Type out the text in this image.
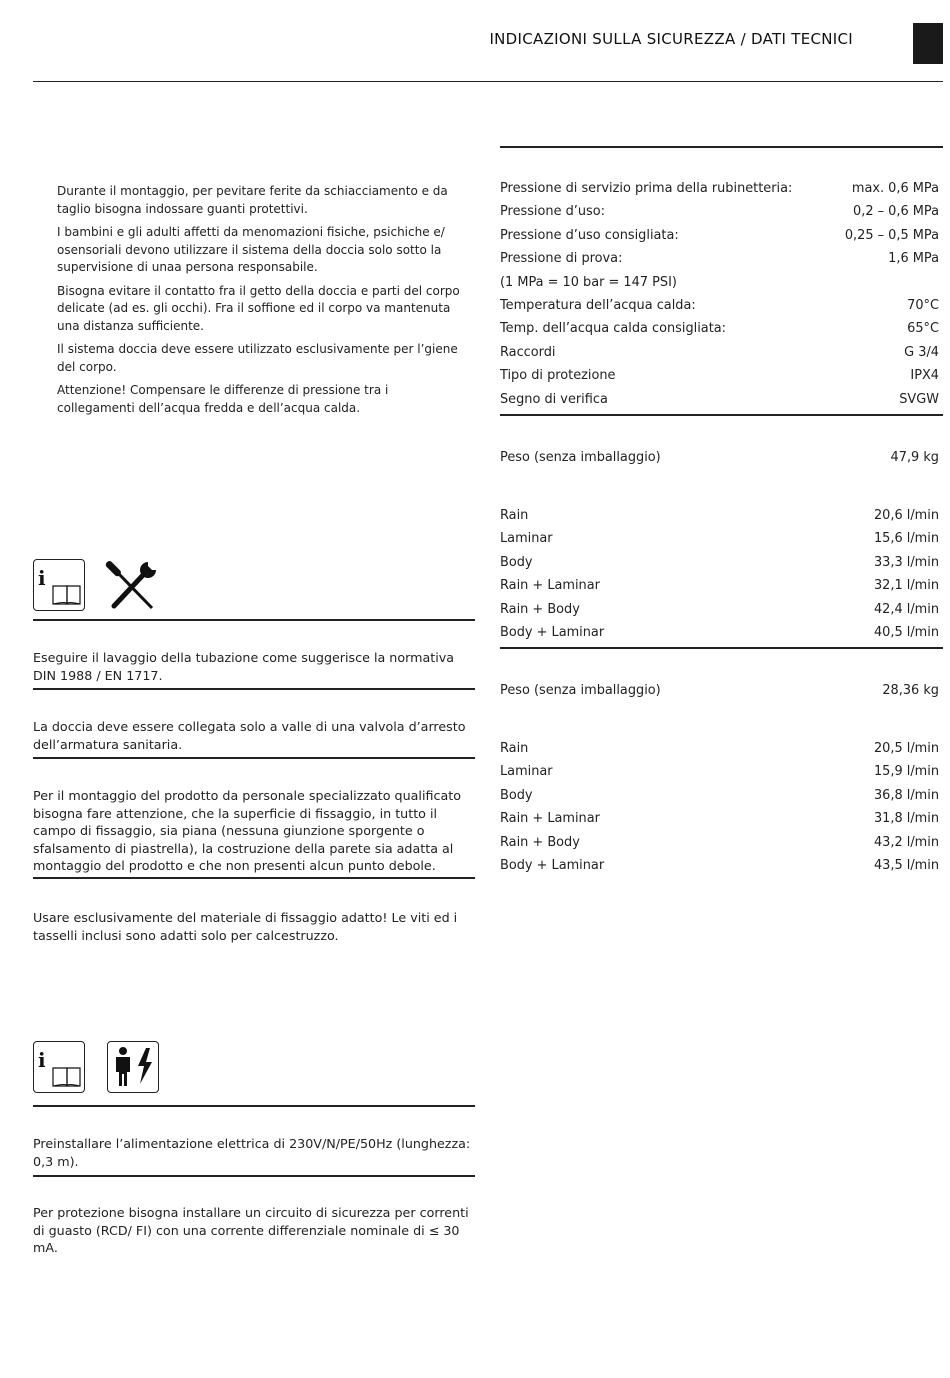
INDICAZIONI SULLA SICUREZZA / DATI TECNICI

Durante il montaggio, per pevitare ferite da schiacciamento e da taglio bisogna indossare guanti protettivi.

I bambini e gli adulti affetti da menomazioni fisiche, psichiche e/ osensoriali devono utilizzare il sistema della doccia solo sotto la supervisione di unaa persona responsabile.

Bisogna evitare il contatto fra il getto della doccia e parti del corpo delicate (ad es. gli occhi). Fra il soffione ed il corpo va mantenuta una distanza sufficiente.

Il sistema doccia deve essere utilizzato esclusivamente per l’giene del corpo.

Attenzione! Compensare le differenze di pressione tra i collegamenti dell’acqua fredda e dell’acqua calda.

i

Eseguire il lavaggio della tubazione come suggerisce la normativa DIN 1988 / EN 1717.

La doccia deve essere collegata solo a valle di una valvola d’arresto dell’armatura sanitaria.

Per il montaggio del prodotto da personale specializzato qualificato bisogna fare attenzione, che la superficie di fissaggio, in tutto il campo di fissaggio, sia piana (nessuna giunzione sporgente o sfalsamento di piastrella), la costruzione della parete sia adatta al montaggio del prodotto e che non presenti alcun punto debole.

Usare esclusivamente del materiale di fissaggio adatto! Le viti ed i tasselli inclusi sono adatti solo per calcestruzzo.

i

Preinstallare l’alimentazione elettrica di 230V/N/PE/50Hz (lunghezza: 0,3 m).

Per protezione bisogna installare un circuito di sicurezza per correnti di guasto (RCD/ FI) con una corrente differenziale nominale di ≤ 30 mA.

Pressione di servizio prima della rubinetteria:	max. 0,6 MPa
Pressione d’uso:	0,2 – 0,6 MPa
Pressione d’uso consigliata:	0,25 – 0,5 MPa
Pressione di prova:	1,6 MPa
(1 MPa = 10 bar = 147 PSI)
Temperatura dell’acqua calda:	70°C
Temp. dell’acqua calda consigliata:	65°C
Raccordi	G 3/4
Tipo di protezione	IPX4
Segno di verifica	SVGW
Peso (senza imballaggio)	47,9 kg
Rain	20,6 l/min
Laminar	15,6 l/min
Body	33,3 l/min
Rain + Laminar	32,1 l/min
Rain + Body	42,4 l/min
Body + Laminar	40,5 l/min
Peso (senza imballaggio)	28,36 kg
Rain	20,5 l/min
Laminar	15,9 l/min
Body	36,8 l/min
Rain + Laminar	31,8 l/min
Rain + Body	43,2 l/min
Body + Laminar	43,5 l/min
